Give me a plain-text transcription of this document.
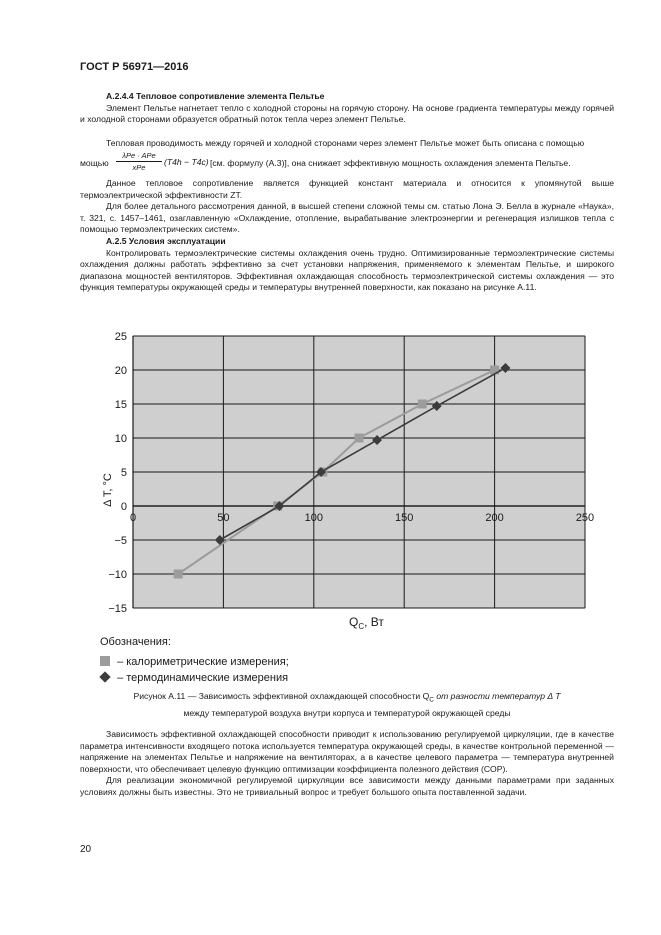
ГОСТ Р 56971—2016
А.2.4.4 Тепловое сопротивление элемента Пельтье
Элемент Пельтье нагнетает тепло с холодной стороны на горячую сторону. На основе градиента температуры между горячей и холодной сторонами образуется обратный поток тепла через элемент Пельтье.
Тепловая проводимость между горячей и холодной сторонами через элемент Пельтье может быть описана с помощью
мощью
λPe · APe
xPe
(T4h − T4c) [см. формулу (А.3)], она снижает эффективную мощность охлаждения элемента Пельтье.
Данное тепловое сопротивление является функцией констант материала и относится к упомянутой выше термоэлектрической эффективности ZT.
Для более детального рассмотрения данной, в высшей степени сложной темы см. статью Лона Э. Белла в журнале «Наука», т. 321, с. 1457–1461, озаглавленную «Охлаждение, отопление, вырабатывание электроэнергии и регенерация излишков тепла с помощью термоэлектрических систем».
А.2.5 Условия эксплуатации
Контролировать термоэлектрические системы охлаждения очень трудно. Оптимизированные термоэлектрические системы охлаждения должны работать эффективно за счет установки напряжения, применяемого к элементам Пельтье, и широкого диапазона мощностей вентиляторов. Эффективная охлаждающая способность термоэлектрической системы охлаждения — это функция температуры окружающей среды и температуры внутренней поверхности, как показано на рисунке А.11.
25
20
15
10
5
0
−5
−10
−15
0	50	100	150	200	250
$Q_C$, Вт
Δ T, °C
Обозначения:
– калориметрические измерения;
– термодинамические измерения
Рисунок А.11 — Зависимость эффективной охлаждающей способности $Q_C$ от разности температур Δ T
между температурой воздуха внутри корпуса и температурой окружающей среды
Зависимость эффективной охлаждающей способности приводит к использованию регулируемой циркуляции, где в качестве параметра интенсивности входящего потока используется температура окружающей среды, в качестве контрольной переменной — напряжение на элементах Пельтье и напряжение на вентиляторах, а в качестве целевого параметра — температура внутренней поверхности, что обеспечивает целевую функцию оптимизации коэффициента полезного действия (COP).
Для реализации экономичной регулируемой циркуляции все зависимости между данными параметрами при заданных условиях должны быть известны. Это не тривиальный вопрос и требует большого опыта поставленной задачи.
20
